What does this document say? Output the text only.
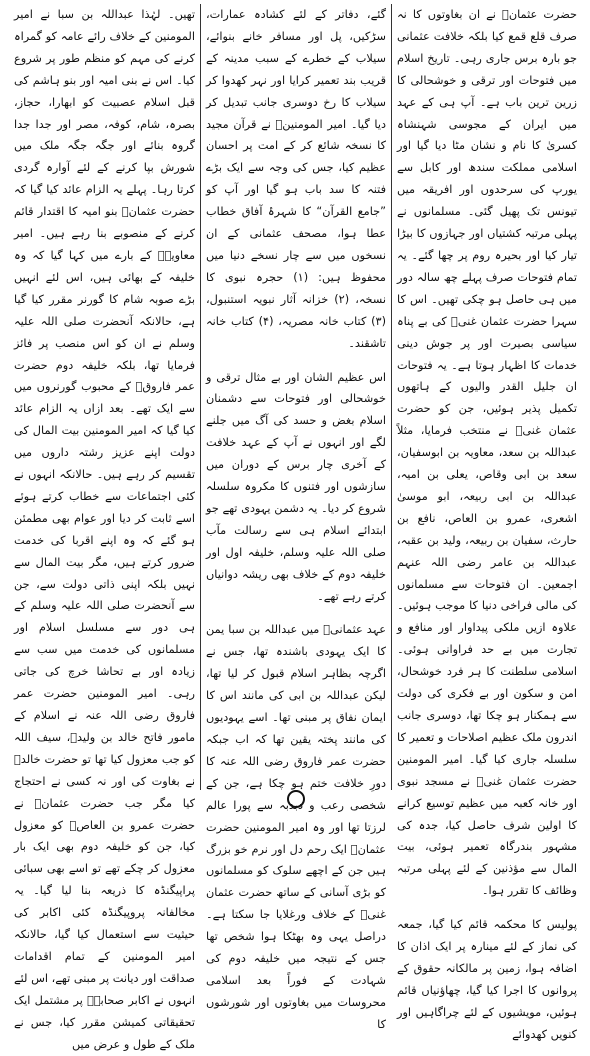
حضرت عثمانؓ نے ان بغاوتوں کا نہ صرف قلع قمع کیا بلکہ خلافت عثمانی جو بارہ برس جاری رہی۔ تاریخ اسلام میں فتوحات اور ترقی و خوشحالی کا زرین ترین باب ہے۔ آپ ہی کے عہد میں ایران کے مجوسی شہنشاہ کسریٰ کا نام و نشان مٹا دیا گیا اور اسلامی مملکت سندھ اور کابل سے یورپ کی سرحدوں اور افریقہ میں تیونس تک پھیل گئی۔ مسلمانوں نے پہلی مرتبہ کشتیاں اور جہازوں کا بیڑا تیار کیا اور بحیرہ روم پر چھا گئے۔ یہ تمام فتوحات صرف پہلے چھ سالہ دور میں ہی حاصل ہو چکی تھیں۔ اس کا سہرا حضرت عثمان غنیؓ کی بے پناہ سیاسی بصیرت اور پر جوش دینی خدمات کا اظہار ہوتا ہے۔ یہ فتوحات ان جلیل القدر والیوں کے ہاتھوں تکمیل پذیر ہوئیں، جن کو حضرت عثمان غنیؓ نے منتخب فرمایا، مثلاً عبداللہ بن سعد، معاویہ بن ابوسفیان، سعد بن ابی وقاص، یعلی بن امیہ، عبداللہ بن ابی ربیعہ، ابو موسیٰ اشعری، عمرو بن العاص، نافع بن حارث، سفیان بن ربیعہ، ولید بن عقبہ، عبداللہ بن عامر رضی اللہ عنہم اجمعین۔ ان فتوحات سے مسلمانوں کی مالی فراخی دنیا کا موجب ہوئیں۔ علاوہ ازیں ملکی پیداوار اور منافع و تجارت میں بے حد فراوانی ہوئی۔ اسلامی سلطنت کا ہر فرد خوشحال، امن و سکون اور بے فکری کی دولت سے ہمکنار ہو چکا تھا، دوسری جانب اندرون ملک عظیم اصلاحات و تعمیر کا سلسلہ جاری کیا گیا۔ امیر المومنین حضرت عثمان غنیؓ نے مسجد نبوی اور خانہ کعبہ میں عظیم توسیع کرانے کا اولین شرف حاصل کیا، جدہ کی مشہور بندرگاہ تعمیر ہوئی، بیت المال سے مؤذنین کے لئے پہلی مرتبہ وظائف کا تقرر ہوا۔

پولیس کا محکمہ قائم کیا گیا، جمعہ کی نماز کے لئے مینارہ پر ایک اذان کا اضافہ ہوا، زمین پر مالکانہ حقوق کے پروانوں کا اجرا کیا گیا، چھاؤنیاں قائم ہوئیں، مویشیوں کے لئے چراگاہیں اور کنویں کھدوائے

گئے، دفاتر کے لئے کشادہ عمارات، سڑکیں، پل اور مسافر خانے بنوائے، سیلاب کے خطرے کے سبب مدینہ کے قریب بند تعمیر کرایا اور نہر کھدوا کر سیلاب کا رخ دوسری جانب تبدیل کر دیا گیا۔ امیر المومنینؓ نے قرآن مجید کا نسخہ شائع کر کے امت پر احسان عظیم کیا، جس کی وجہ سے ایک بڑے فتنہ کا سد باب ہو گیا اور آپ کو ”جامع القرآن“ کا شہرۂ آفاق خطاب عطا ہوا، مصحف عثمانی کے ان نسخوں میں سے چار نسخے دنیا میں محفوظ ہیں: (۱) حجرہ نبوی کا نسخہ، (۲) خزانہ آثار نبویہ استنبول، (۳) کتاب خانہ مصریہ، (۴) کتاب خانہ تاشقند۔

اس عظیم الشان اور بے مثال ترقی و خوشحالی اور فتوحات سے دشمنان اسلام بغض و حسد کی آگ میں جلنے لگے اور انہوں نے آپ کے عہد خلافت کے آخری چار برس کے دوران میں سازشوں اور فتنوں کا مکروہ سلسلہ شروع کر دیا۔ یہ دشمن یہودی تھے جو ابتدائے اسلام ہی سے رسالت مآب صلی اللہ علیہ وسلم، خلیفہ اول اور خلیفہ دوم کے خلاف بھی ریشہ دوانیاں کرتے رہے تھے۔

عہد عثمانیؓ میں عبداللہ بن سبا یمن کا ایک یہودی باشندہ تھا، جس نے اگرچہ بظاہر اسلام قبول کر لیا تھا، لیکن عبداللہ بن ابی کی مانند اس کا ایمان نفاق پر مبنی تھا۔ اسے یہودیوں کی مانند پختہ یقین تھا کہ اب جبکہ حضرت عمر فاروق رضی اللہ عنہ کا دورِ خلافت ختم ہو چکا ہے، جن کے شخصی رعب و دبدبہ سے پورا عالم لرزتا تھا اور وہ امیر المومنین حضرت عثمانؓ ایک رحم دل اور نرم خو بزرگ ہیں جن کے اچھے سلوک کو مسلمانوں کو بڑی آسانی کے ساتھ حضرت عثمان غنیؓ کے خلاف ورغلایا جا سکتا ہے۔ دراصل یہی وہ بھٹکا ہوا شخص تھا جس کے نتیجہ میں خلیفہ دوم کی شہادت کے فوراً بعد اسلامی محروسات میں بغاوتوں اور شورشوں کا

تھیں۔ لہٰذا عبداللہ بن سبا نے امیر المومنین کے خلاف رائے عامہ کو گمراہ کرنے کی مہم کو منظم طور پر شروع کیا۔ اس نے بنی امیہ اور بنو ہاشم کی قبل اسلام عصبیت کو ابھارا، حجاز، بصرہ، شام، کوفہ، مصر اور جدا جدا گروہ بنائے اور جگہ جگہ ملک میں شورش بپا کرنے کے لئے آوارہ گردی کرتا رہا۔ پہلے یہ الزام عائد کیا گیا کہ حضرت عثمانؓ بنو امیہ کا اقتدار قائم کرنے کے منصوبے بنا رہے ہیں۔ امیر معاویہؓ کے بارے میں کہا گیا کہ وہ خلیفہ کے بھائی ہیں، اس لئے انہیں بڑے صوبہ شام کا گورنر مقرر کیا گیا ہے، حالانکہ آنحضرت صلی اللہ علیہ وسلم نے ان کو اس منصب پر فائز فرمایا تھا، بلکہ خلیفہ دوم حضرت عمر فاروقؓ کے محبوب گورنروں میں سے ایک تھے۔ بعد ازاں یہ الزام عائد کیا گیا کہ امیر المومنین بیت المال کی دولت اپنے عزیز رشتہ داروں میں تقسیم کر رہے ہیں۔ حالانکہ انہوں نے کئی اجتماعات سے خطاب کرتے ہوئے اسے ثابت کر دیا اور عوام بھی مطمئن ہو گئے کہ وہ اپنے اقربا کی خدمت ضرور کرتے ہیں، مگر بیت المال سے نہیں بلکہ اپنی ذاتی دولت سے، جن سے آنحضرت صلی اللہ علیہ وسلم کے ہی دور سے مسلسل اسلام اور مسلمانوں کی خدمت میں سب سے زیادہ اور بے تحاشا خرچ کی جاتی رہی۔ امیر المومنین حضرت عمر فاروق رضی اللہ عنہ نے اسلام کے مامور فاتح خالد بن ولیدؓ، سیف اللہ کو جب معزول کیا تھا تو حضرت خالدؓ نے بغاوت کی اور نہ کسی نے احتجاج کیا مگر جب حضرت عثمانؓ نے حضرت عمرو بن العاصؓ کو معزول کیا، جن کو خلیفہ دوم بھی ایک بار معزول کر چکے تھے تو اسے بھی سبائی پراپیگنڈہ کا ذریعہ بنا لیا گیا۔ یہ مخالفانہ پروپیگنڈہ کئی اکابر کی حیثیت سے استعمال کیا گیا، حالانکہ امیر المومنین کے تمام اقدامات صداقت اور دیانت پر مبنی تھے، اس لئے انہوں نے اکابر صحابہؓ پر مشتمل ایک تحقیقاتی کمیشن مقرر کیا، جس نے ملک کے طول و عرض میں
